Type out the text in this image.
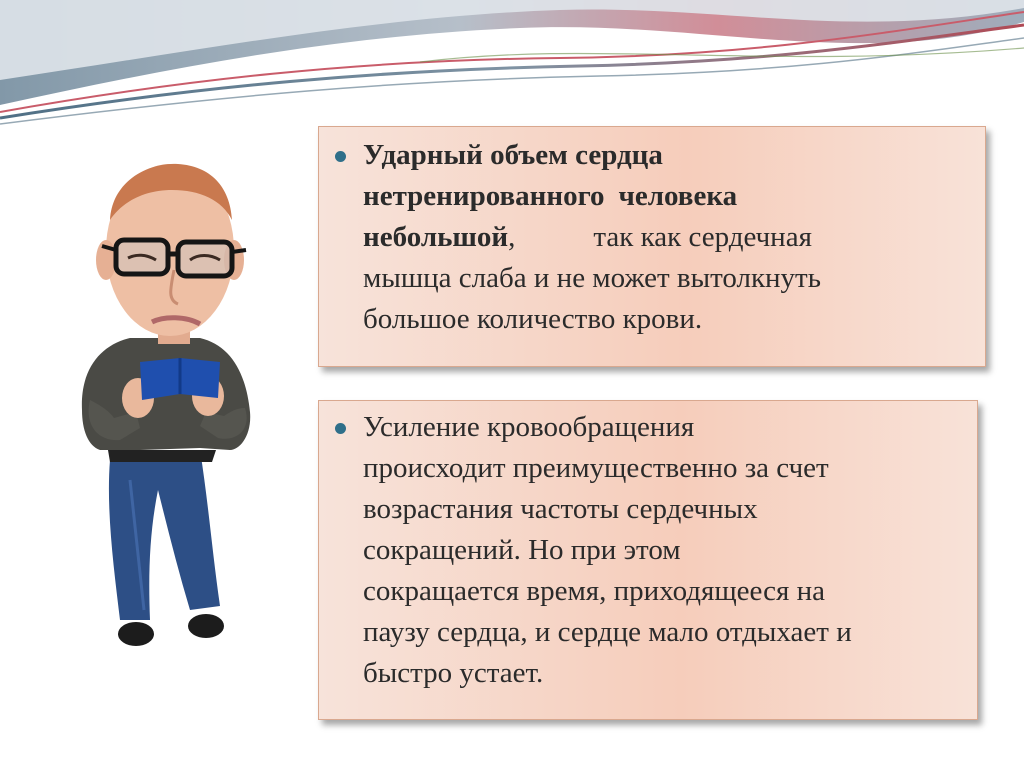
Ударный объем сердца
нетренированного человека
небольшой,	так как сердечная
мышца слаба и не может вытолкнуть
большое количество крови.

Усиление кровообращения
происходит преимущественно за счет
возрастания частоты сердечных
сокращений. Но при этом
сокращается время, приходящееся на
паузу сердца, и сердце мало отдыхает и
быстро устает.
